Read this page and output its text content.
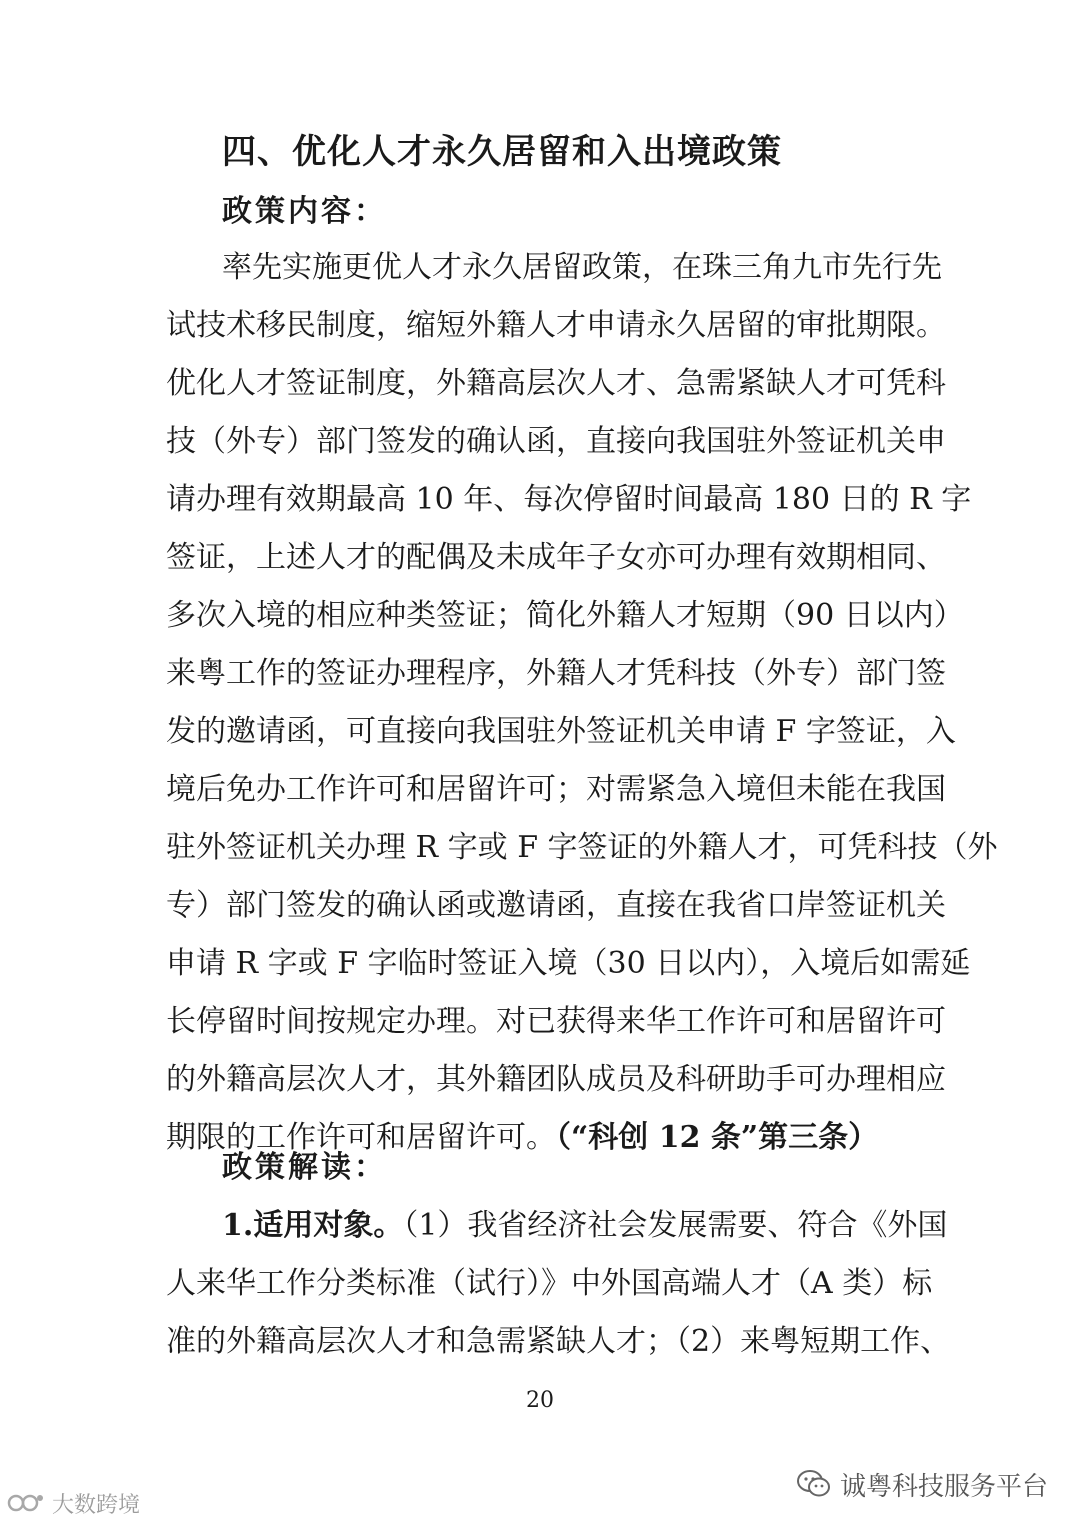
四、优化人才永久居留和入出境政策
政策内容：
率先实施更优人才永久居留政策，在珠三角九市先行先
试技术移民制度，缩短外籍人才申请永久居留的审批期限。
优化人才签证制度，外籍高层次人才、急需紧缺人才可凭科
技（外专）部门签发的确认函，直接向我国驻外签证机关申
请办理有效期最高 10 年、每次停留时间最高 180 日的 R 字
签证，上述人才的配偶及未成年子女亦可办理有效期相同、
多次入境的相应种类签证；简化外籍人才短期（90 日以内）
来粤工作的签证办理程序，外籍人才凭科技（外专）部门签
发的邀请函，可直接向我国驻外签证机关申请 F 字签证，入
境后免办工作许可和居留许可；对需紧急入境但未能在我国
驻外签证机关办理 R 字或 F 字签证的外籍人才，可凭科技（外
专）部门签发的确认函或邀请函，直接在我省口岸签证机关
申请 R 字或 F 字临时签证入境（30 日以内），入境后如需延
长停留时间按规定办理。对已获得来华工作许可和居留许可
的外籍高层次人才，其外籍团队成员及科研助手可办理相应
期限的工作许可和居留许可。（“科创 12 条”第三条）
政策解读：
1.适用对象。（1）我省经济社会发展需要、符合《外国
人来华工作分类标准（试行）》中外国高端人才（A 类）标
准的外籍高层次人才和急需紧缺人才；（2）来粤短期工作、
20
诚粤科技服务平台
大数跨境
